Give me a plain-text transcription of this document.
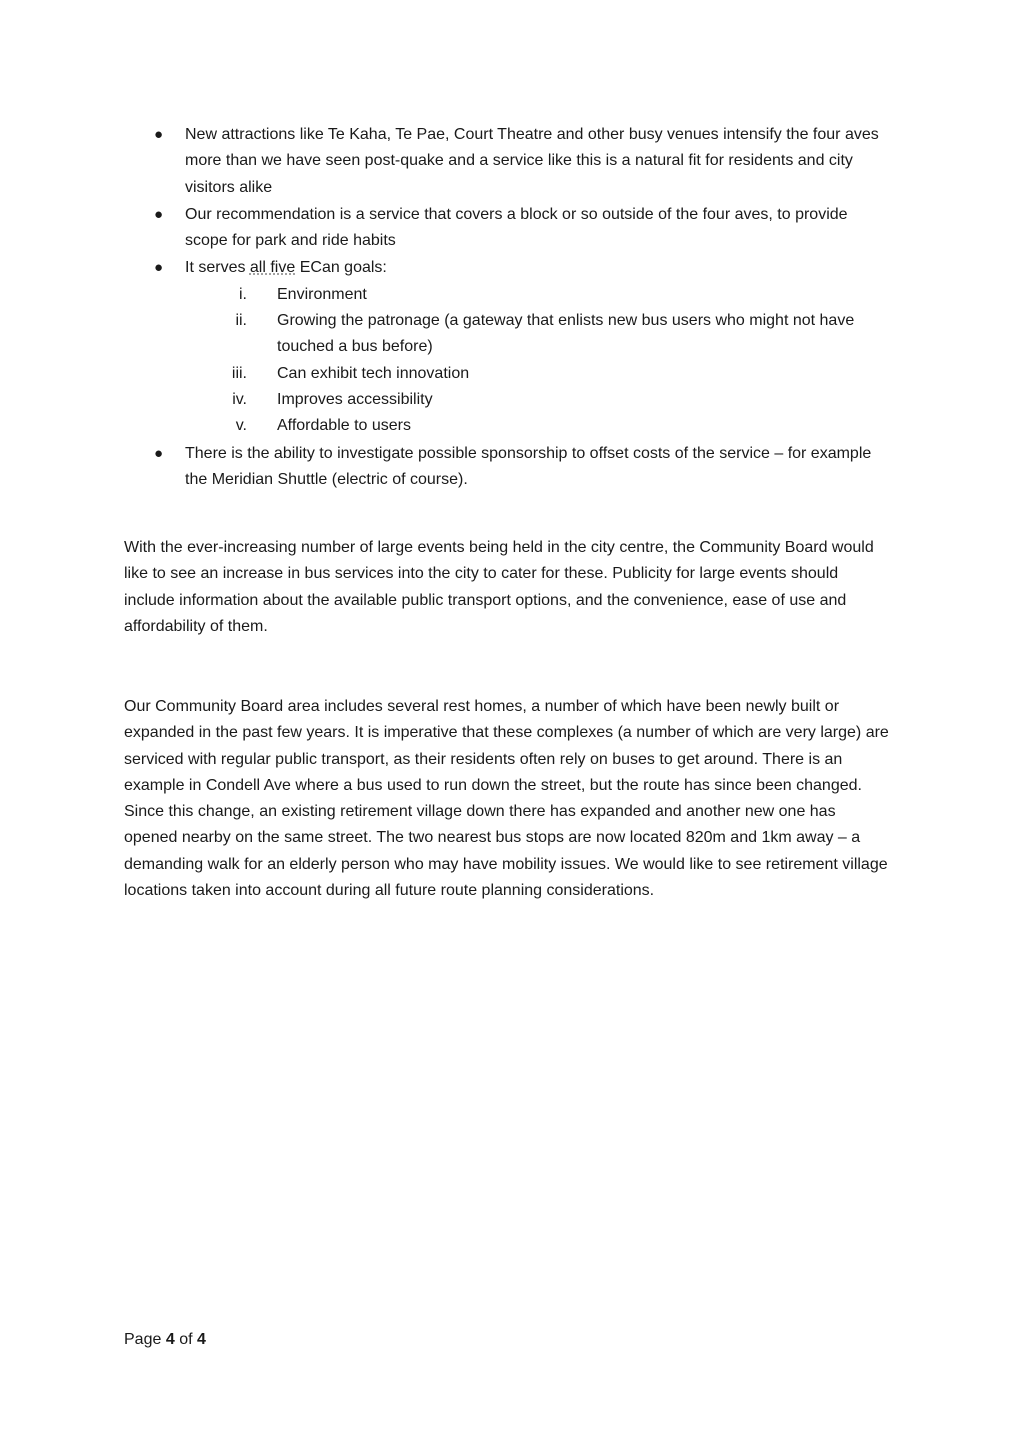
● New attractions like Te Kaha, Te Pae, Court Theatre and other busy venues intensify the four aves more than we have seen post-quake and a service like this is a natural fit for residents and city visitors alike
● Our recommendation is a service that covers a block or so outside of the four aves, to provide scope for park and ride habits
● It serves all five ECan goals:
i. Environment
ii. Growing the patronage (a gateway that enlists new bus users who might not have touched a bus before)
iii. Can exhibit tech innovation
iv. Improves accessibility
v. Affordable to users
● There is the ability to investigate possible sponsorship to offset costs of the service – for example the Meridian Shuttle (electric of course).

With the ever-increasing number of large events being held in the city centre, the Community Board would like to see an increase in bus services into the city to cater for these. Publicity for large events should include information about the available public transport options, and the convenience, ease of use and affordability of them.

Our Community Board area includes several rest homes, a number of which have been newly built or expanded in the past few years. It is imperative that these complexes (a number of which are very large) are serviced with regular public transport, as their residents often rely on buses to get around. There is an example in Condell Ave where a bus used to run down the street, but the route has since been changed. Since this change, an existing retirement village down there has expanded and another new one has opened nearby on the same street. The two nearest bus stops are now located 820m and 1km away – a demanding walk for an elderly person who may have mobility issues. We would like to see retirement village locations taken into account during all future route planning considerations.

Page 4 of 4
